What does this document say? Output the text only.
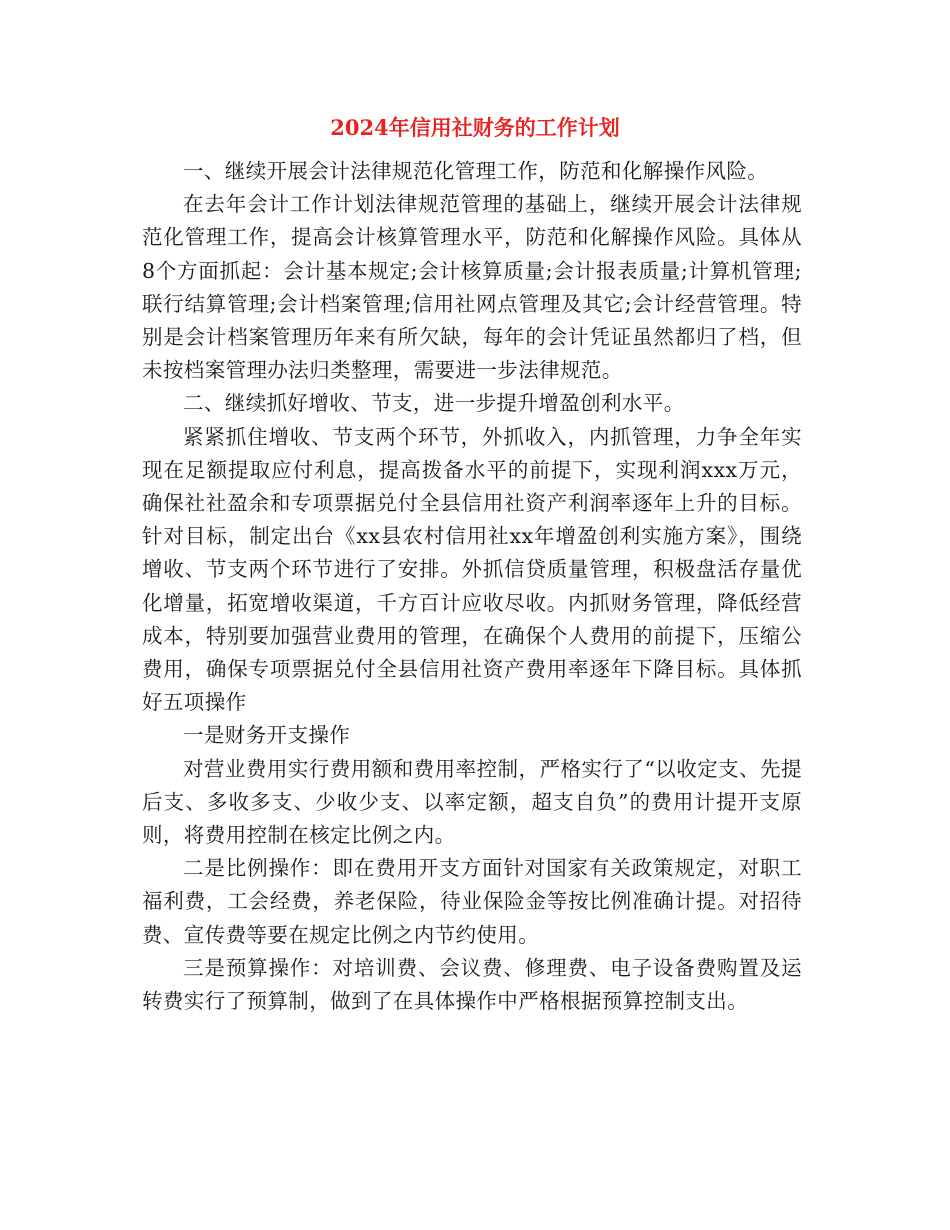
2024年信用社财务的工作计划

一、继续开展会计法律规范化管理工作，防范和化解操作风险。

在去年会计工作计划法律规范管理的基础上，继续开展会计法律规范化管理工作，提高会计核算管理水平，防范和化解操作风险。具体从8个方面抓起：会计基本规定;会计核算质量;会计报表质量;计算机管理;联行结算管理;会计档案管理;信用社网点管理及其它;会计经营管理。特别是会计档案管理历年来有所欠缺，每年的会计凭证虽然都归了档，但未按档案管理办法归类整理，需要进一步法律规范。

二、继续抓好增收、节支，进一步提升增盈创利水平。

紧紧抓住增收、节支两个环节，外抓收入，内抓管理，力争全年实现在足额提取应付利息，提高拨备水平的前提下，实现利润xxx万元，确保社社盈余和专项票据兑付全县信用社资产利润率逐年上升的目标。针对目标，制定出台《xx县农村信用社xx年增盈创利实施方案》，围绕增收、节支两个环节进行了安排。外抓信贷质量管理，积极盘活存量优化增量，拓宽增收渠道，千方百计应收尽收。内抓财务管理，降低经营成本，特别要加强营业费用的管理，在确保个人费用的前提下，压缩公费用，确保专项票据兑付全县信用社资产费用率逐年下降目标。具体抓好五项操作

一是财务开支操作

对营业费用实行费用额和费用率控制，严格实行了“以收定支、先提后支、多收多支、少收少支、以率定额，超支自负”的费用计提开支原则，将费用控制在核定比例之内。

二是比例操作：即在费用开支方面针对国家有关政策规定，对职工福利费，工会经费，养老保险，待业保险金等按比例准确计提。对招待费、宣传费等要在规定比例之内节约使用。

三是预算操作：对培训费、会议费、修理费、电子设备费购置及运转费实行了预算制，做到了在具体操作中严格根据预算控制支出。
